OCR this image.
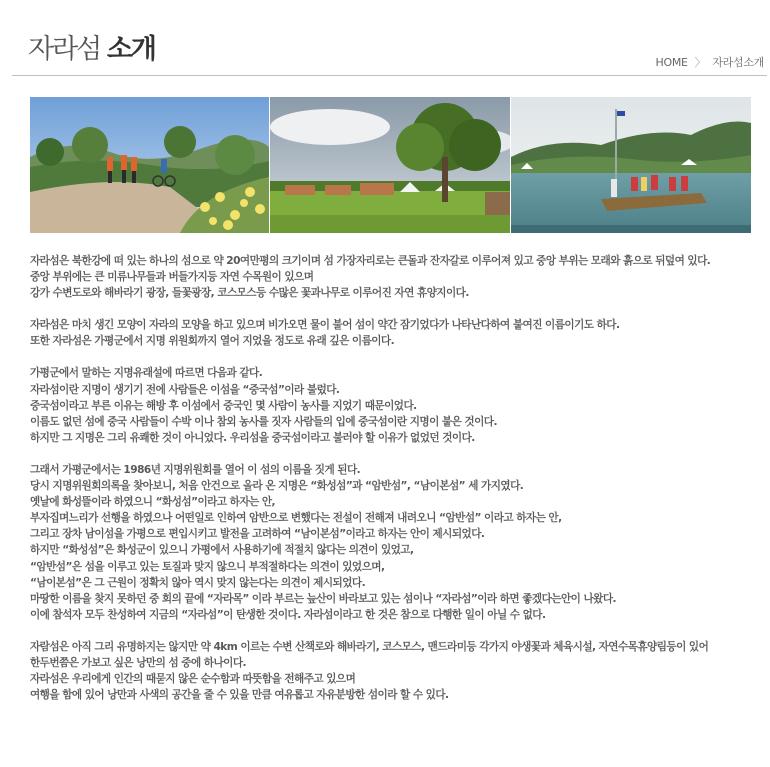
자라섬 소개	HOME 〉 자라섬소개
자라섬은 북한강에 떠 있는 하나의 섬으로 약 20여만평의 크기이며 섬 가장자리로는 큰돌과 잔자갈로 이루어져 있고 중앙 부위는 모래와 흙으로 뒤덮여 있다.
중앙 부위에는 큰 미류나무들과 버들가지등 자연 수목원이 있으며
강가 수변도로와 해바라기 광장, 들꽃광장, 코스모스등 수많은 꽃과나무로 이루어진 자연 휴양지이다.
자라섬은 마치 생긴 모양이 자라의 모양을 하고 있으며 비가오면 물이 불어 섬이 약간 잠기었다가 나타난다하여 붙여진 이름이기도 하다.
또한 자라섬은 가평군에서 지명 위원회까지 열어 지었을 정도로 유래 깊은 이름이다.
가평군에서 말하는 지명유래설에 따르면 다음과 같다.
자라섬이란 지명이 생기기 전에 사람들은 이섬을 “중국섬”이라 불렀다.
중국섬이라고 부른 이유는 해방 후 이섬에서 중국인 몇 사람이 농사를 지었기 때문이었다.
이름도 없던 섬에 중국 사람들이 수박 이나 참외 농사를 짓자 사람들의 입에 중국섬이란 지명이 붙은 것이다.
하지만 그 지명은 그리 유쾌한 것이 아니었다. 우리섬을 중국섬이라고 불러야 할 이유가 없었던 것이다.
그래서 가평군에서는 1986년 지명위원회를 열어 이 섬의 이름을 짓게 된다.
당시 지명위원회의록을 찾아보니, 처음 안건으로 올라 온 지명은 “화성섬”과 “암반섬”, “남이본섬” 세 가지였다.
옛날에 화성뜰이라 하였으니 “화성섬”이라고 하자는 안,
부자집며느리가 선행을 하였으나 어떤일로 인하여 암반으로 변했다는 전설이 전해져 내려오니 “암반섬” 이라고 하자는 안,
그리고 장차 남이섬을 가평으로 편입시키고 발전을 고려하여 “남이본섬”이라고 하자는 안이 제시되었다.
하지만 “화성섬”은 화성군이 있으니 가평에서 사용하기에 적절치 않다는 의견이 있었고,
“암반섬”은 섬을 이루고 있는 토질과 맞지 않으니 부적절하다는 의견이 있었으며,
“남이본섬”은 그 근원이 정확치 않아 역시 맞지 않는다는 의견이 제시되었다.
마땅한 이름을 찾지 못하던 중 회의 끝에 “자라목” 이라 부르는 늪산이 바라보고 있는 섬이나 “자라섬”이라 하면 좋겠다는안이 나왔다.
이에 참석자 모두 찬성하여 지금의 “자라섬”이 탄생한 것이다. 자라섬이라고 한 것은 참으로 다행한 일이 아닐 수 없다.
자람섬은 아직 그리 유명하지는 않지만 약 4km 이르는 수변 산책로와 해바라기, 코스모스, 맨드라미등 각가지 야생꽃과 체육시설, 자연수목휴양림등이 있어
한두번쯤은 가보고 싶은 낭만의 섬 중에 하나이다.
자라섬은 우리에게 인간의 때묻지 않은 순수함과 따뜻함을 전해주고 있으며
여행을 함에 있어 낭만과 사색의 공간을 줄 수 있을 만큼 여유롭고 자유분방한 섬이라 할 수 있다.
